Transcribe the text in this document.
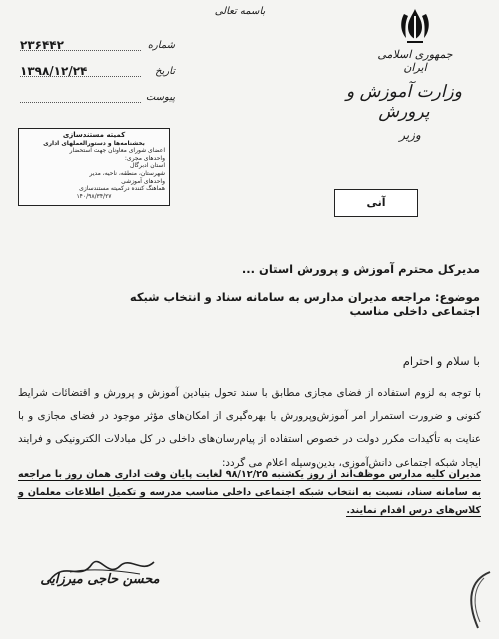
باسمه تعالی
جمهوری اسلامی ایران
وزارت آموزش و پرورش
وزیر
۲۳۶۴۴۲	شماره
۱۳۹۸/۱۲/۲۴	تاریخ
پیوست
کمیته مستندسازی
بخشنامه‌ها و دستورالعملهای اداری
اعضای شورای معاونان جهت استحضار
واحدهای مجری:
استان ادبرگال
شهرستان، منطقه، ناحیه، مدیر
واحدهای آموزشی
هماهنگ کننده درکمیته مستندسازی
۱۴۰/۹۸/۳۴/۲۷	آنی
مدیرکل محترم آموزش و پرورش استان ...
موضوع: مراجعه مدیران مدارس به سامانه سناد و انتخاب شبکه اجتماعی داخلی مناسب
با سلام و احترام
با توجه به لزوم استفاده از فضای مجازی مطابق با سند تحول بنیادین آموزش و پرورش و اقتضائات شرایط کنونی و ضرورت استمرار امر آموزش‌وپرورش با بهره‌گیری از امکان‌های مؤثر موجود در فضای مجازی و با عنایت به تأکیدات مکرر دولت در خصوص استفاده از پیام‌رسان‌های داخلی در کل مبادلات الکترونیکی و فرایند ایجاد شبکه اجتماعی دانش‌آموزی، بدین‌وسیله اعلام می گردد:
مدیران کلیه مدارس موظف‌اند از روز یکشنبه ۹۸/۱۲/۲۵ لغایت پایان وقت اداری همان روز با مراجعه به سامانه سناد، نسبت به انتخاب شبکه اجتماعی داخلی مناسب مدرسه و تکمیل اطلاعات معلمان و کلاس‌های درس اقدام نمایند.
محسن حاجی میرزایی
